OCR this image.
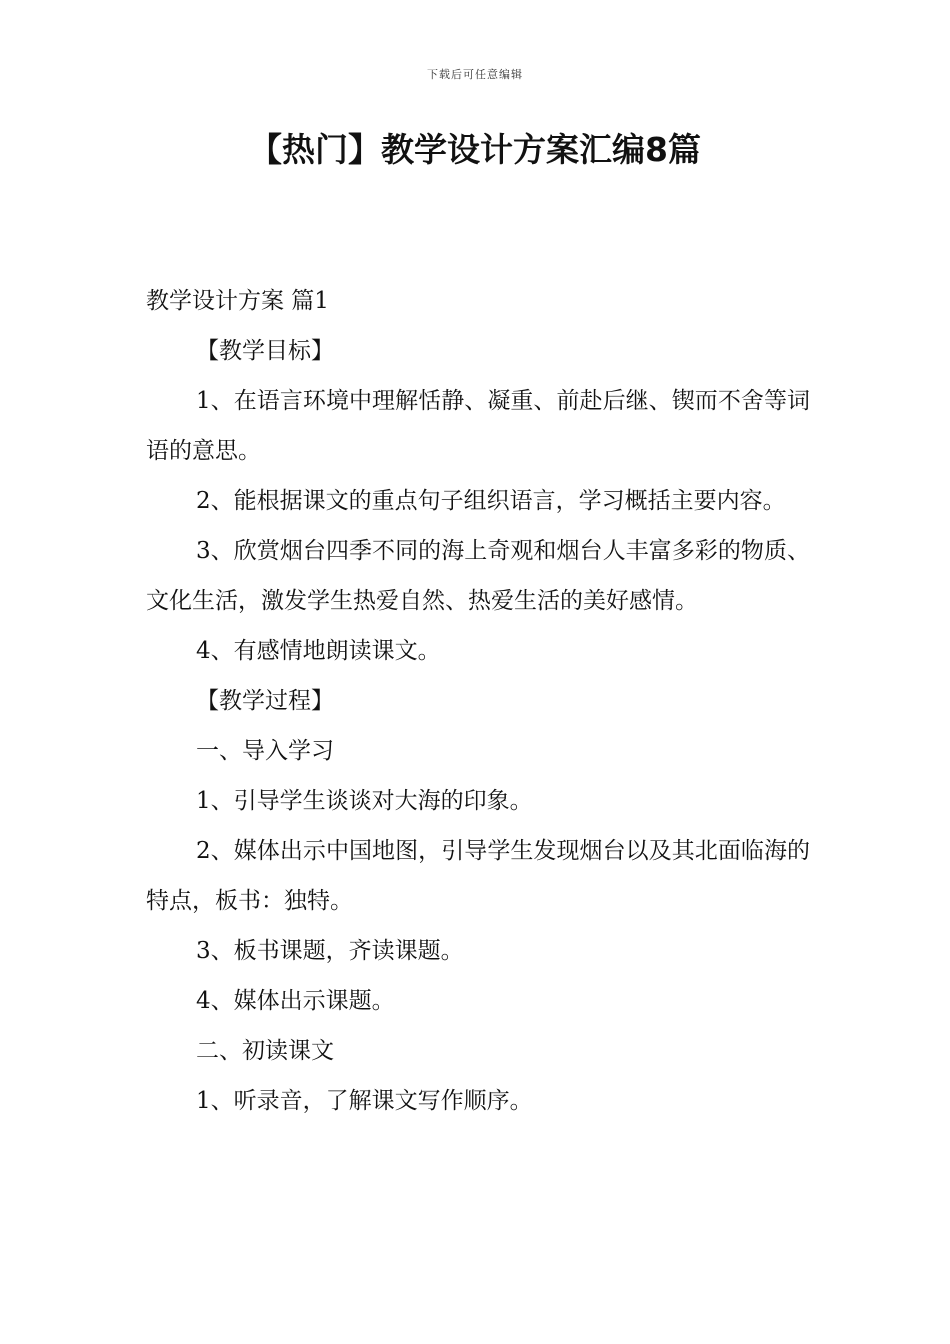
下载后可任意编辑
【热门】教学设计方案汇编8篇

教学设计方案 篇1

【教学目标】

1、在语言环境中理解恬静、凝重、前赴后继、锲而不舍等词语的意思。

2、能根据课文的重点句子组织语言，学习概括主要内容。

3、欣赏烟台四季不同的海上奇观和烟台人丰富多彩的物质、文化生活，激发学生热爱自然、热爱生活的美好感情。

4、有感情地朗读课文。

【教学过程】

一、导入学习

1、引导学生谈谈对大海的印象。

2、媒体出示中国地图，引导学生发现烟台以及其北面临海的特点，板书：独特。

3、板书课题，齐读课题。

4、媒体出示课题。

二、初读课文

1、听录音，了解课文写作顺序。
